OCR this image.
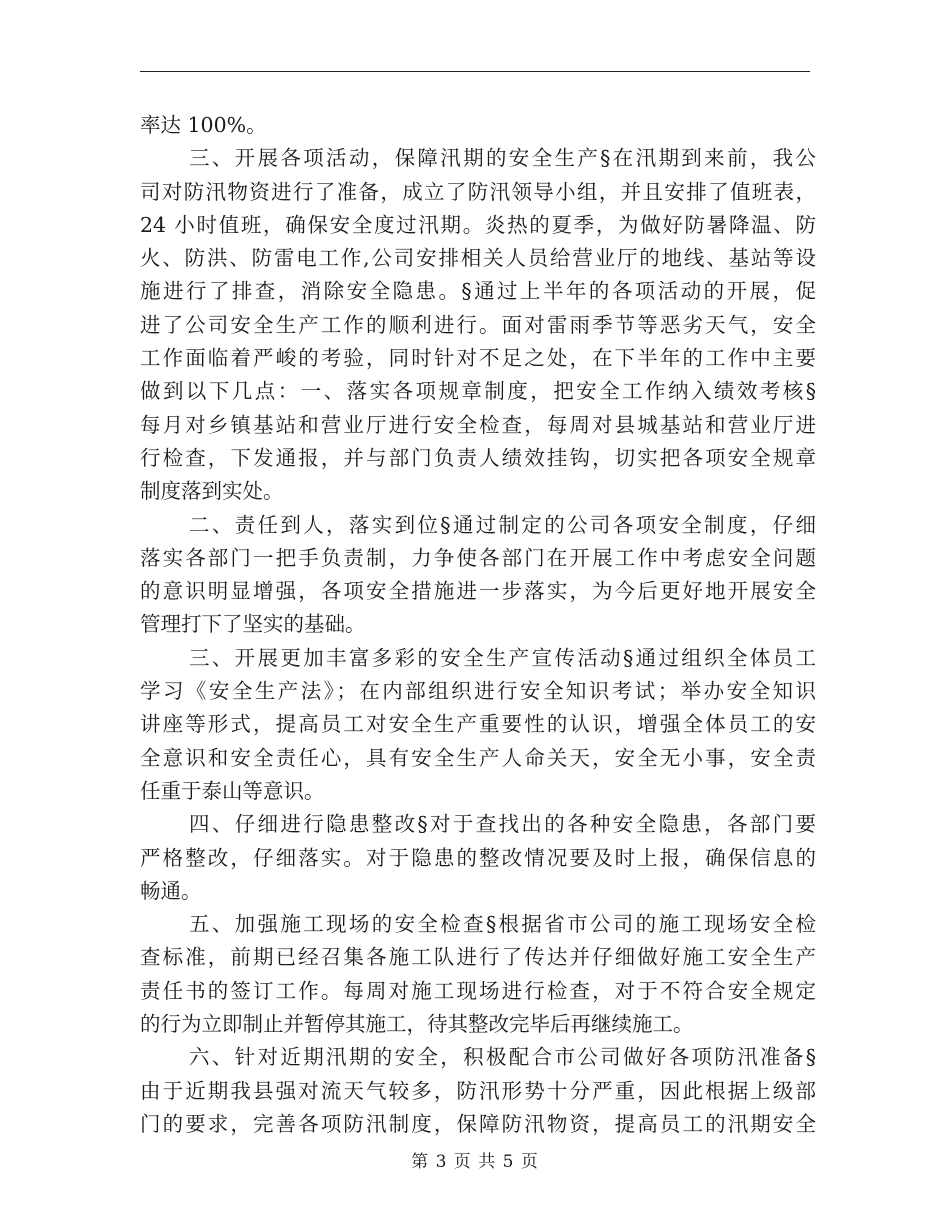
率达 100%。
三、开展各项活动，保障汛期的安全生产§在汛期到来前，我公
司对防汛物资进行了准备，成立了防汛领导小组，并且安排了值班表，
24 小时值班，确保安全度过汛期。炎热的夏季，为做好防暑降温、防
火、防洪、防雷电工作,公司安排相关人员给营业厅的地线、基站等设
施进行了排查，消除安全隐患。§通过上半年的各项活动的开展，促
进了公司安全生产工作的顺利进行。面对雷雨季节等恶劣天气，安全
工作面临着严峻的考验，同时针对不足之处，在下半年的工作中主要
做到以下几点：一、落实各项规章制度，把安全工作纳入绩效考核§
每月对乡镇基站和营业厅进行安全检查，每周对县城基站和营业厅进
行检查，下发通报，并与部门负责人绩效挂钩，切实把各项安全规章
制度落到实处。
二、责任到人，落实到位§通过制定的公司各项安全制度，仔细
落实各部门一把手负责制，力争使各部门在开展工作中考虑安全问题
的意识明显增强，各项安全措施进一步落实，为今后更好地开展安全
管理打下了坚实的基础。
三、开展更加丰富多彩的安全生产宣传活动§通过组织全体员工
学习《安全生产法》；在内部组织进行安全知识考试；举办安全知识
讲座等形式，提高员工对安全生产重要性的认识，增强全体员工的安
全意识和安全责任心，具有安全生产人命关天，安全无小事，安全责
任重于泰山等意识。
四、仔细进行隐患整改§对于查找出的各种安全隐患，各部门要
严格整改，仔细落实。对于隐患的整改情况要及时上报，确保信息的
畅通。
五、加强施工现场的安全检查§根据省市公司的施工现场安全检
查标准，前期已经召集各施工队进行了传达并仔细做好施工安全生产
责任书的签订工作。每周对施工现场进行检查，对于不符合安全规定
的行为立即制止并暂停其施工，待其整改完毕后再继续施工。
六、针对近期汛期的安全，积极配合市公司做好各项防汛准备§
由于近期我县强对流天气较多，防汛形势十分严重，因此根据上级部
门的要求，完善各项防汛制度，保障防汛物资，提高员工的汛期安全
第 3 页 共 5 页
